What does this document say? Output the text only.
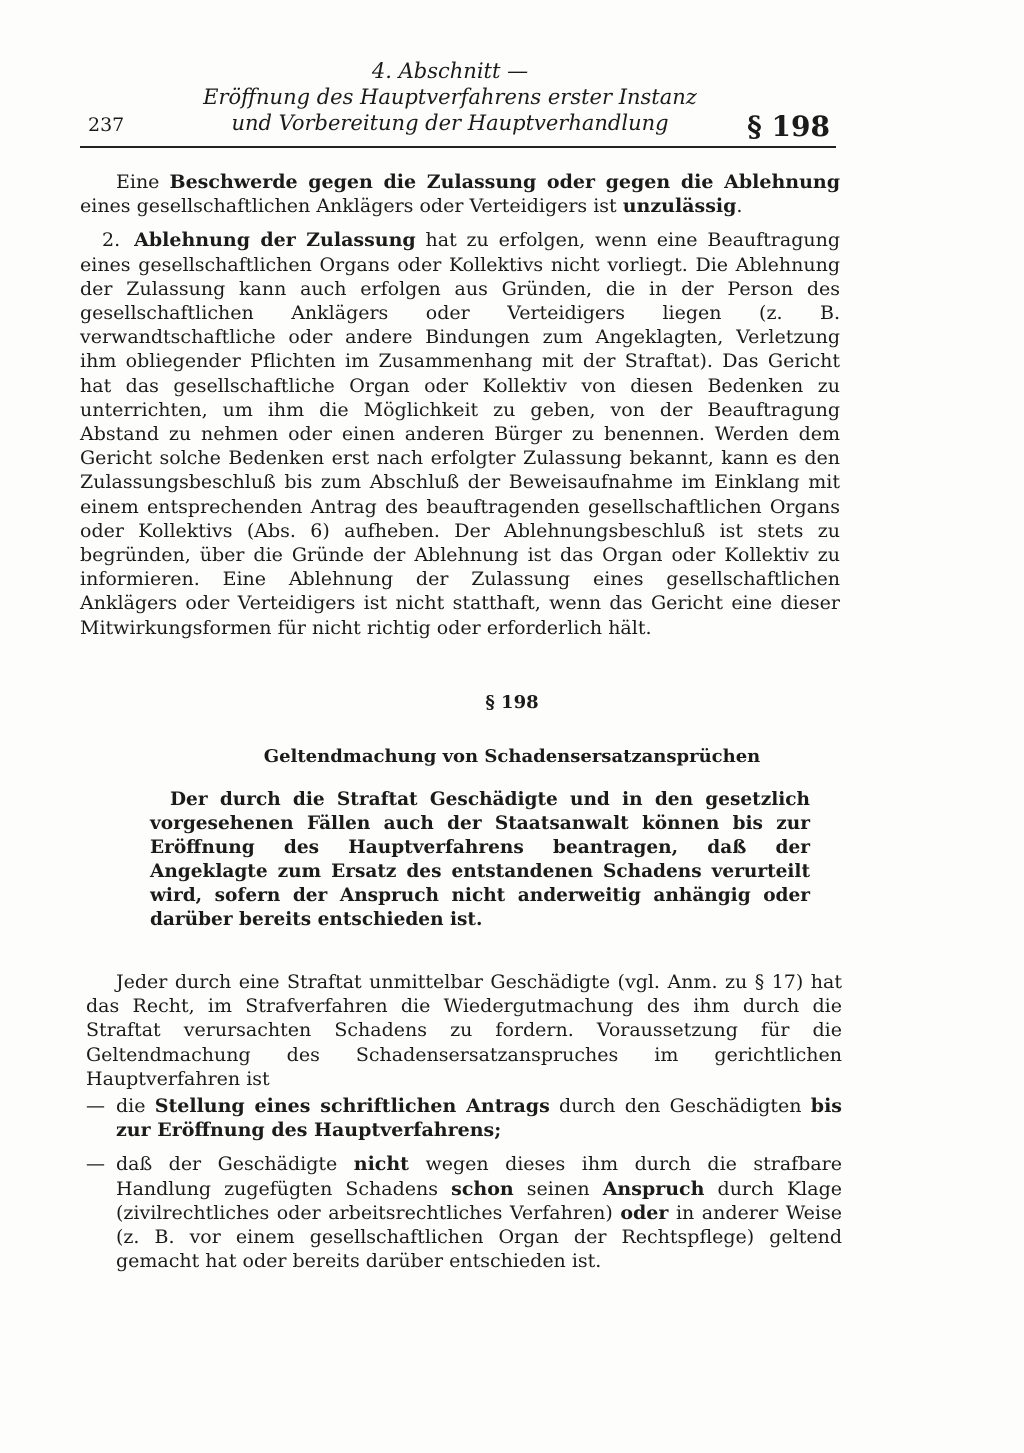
237
4. Abschnitt —
Eröffnung des Hauptverfahrens erster Instanz
und Vorbereitung der Hauptverhandlung	§ 198

Eine Beschwerde gegen die Zulassung oder gegen die Ablehnung eines gesellschaftlichen Anklägers oder Verteidigers ist unzulässig.

2. Ablehnung der Zulassung hat zu erfolgen, wenn eine Beauftragung eines gesellschaftlichen Organs oder Kollektivs nicht vorliegt. Die Ablehnung der Zulassung kann auch erfolgen aus Gründen, die in der Person des gesellschaftlichen Anklägers oder Verteidigers liegen (z. B. verwandtschaftliche oder andere Bindungen zum Angeklagten, Verletzung ihm obliegender Pflichten im Zusammenhang mit der Straftat). Das Gericht hat das gesellschaftliche Organ oder Kollektiv von diesen Bedenken zu unterrichten, um ihm die Möglichkeit zu geben, von der Beauftragung Abstand zu nehmen oder einen anderen Bürger zu benennen. Werden dem Gericht solche Bedenken erst nach erfolgter Zulassung bekannt, kann es den Zulassungsbeschluß bis zum Abschluß der Beweisaufnahme im Einklang mit einem entsprechenden Antrag des beauftragenden gesellschaftlichen Organs oder Kollektivs (Abs. 6) aufheben. Der Ablehnungsbeschluß ist stets zu begründen, über die Gründe der Ablehnung ist das Organ oder Kollektiv zu informieren. Eine Ablehnung der Zulassung eines gesellschaftlichen Anklägers oder Verteidigers ist nicht statthaft, wenn das Gericht eine dieser Mitwirkungsformen für nicht richtig oder erforderlich hält.

§ 198
Geltendmachung von Schadensersatzansprüchen

Der durch die Straftat Geschädigte und in den gesetzlich vorgesehenen Fällen auch der Staatsanwalt können bis zur Eröffnung des Hauptverfahrens beantragen, daß der Angeklagte zum Ersatz des entstandenen Schadens verurteilt wird, sofern der Anspruch nicht anderweitig anhängig oder darüber bereits entschieden ist.

Jeder durch eine Straftat unmittelbar Geschädigte (vgl. Anm. zu § 17) hat das Recht, im Strafverfahren die Wiedergutmachung des ihm durch die Straftat verursachten Schadens zu fordern. Voraussetzung für die Geltendmachung des Schadensersatzanspruches im gerichtlichen Hauptverfahren ist

— die Stellung eines schriftlichen Antrags durch den Geschädigten bis zur Eröffnung des Hauptverfahrens;
— daß der Geschädigte nicht wegen dieses ihm durch die strafbare Handlung zugefügten Schadens schon seinen Anspruch durch Klage (zivilrechtliches oder arbeitsrechtliches Verfahren) oder in anderer Weise (z. B. vor einem gesellschaftlichen Organ der Rechtspflege) geltend gemacht hat oder bereits darüber entschieden ist.
